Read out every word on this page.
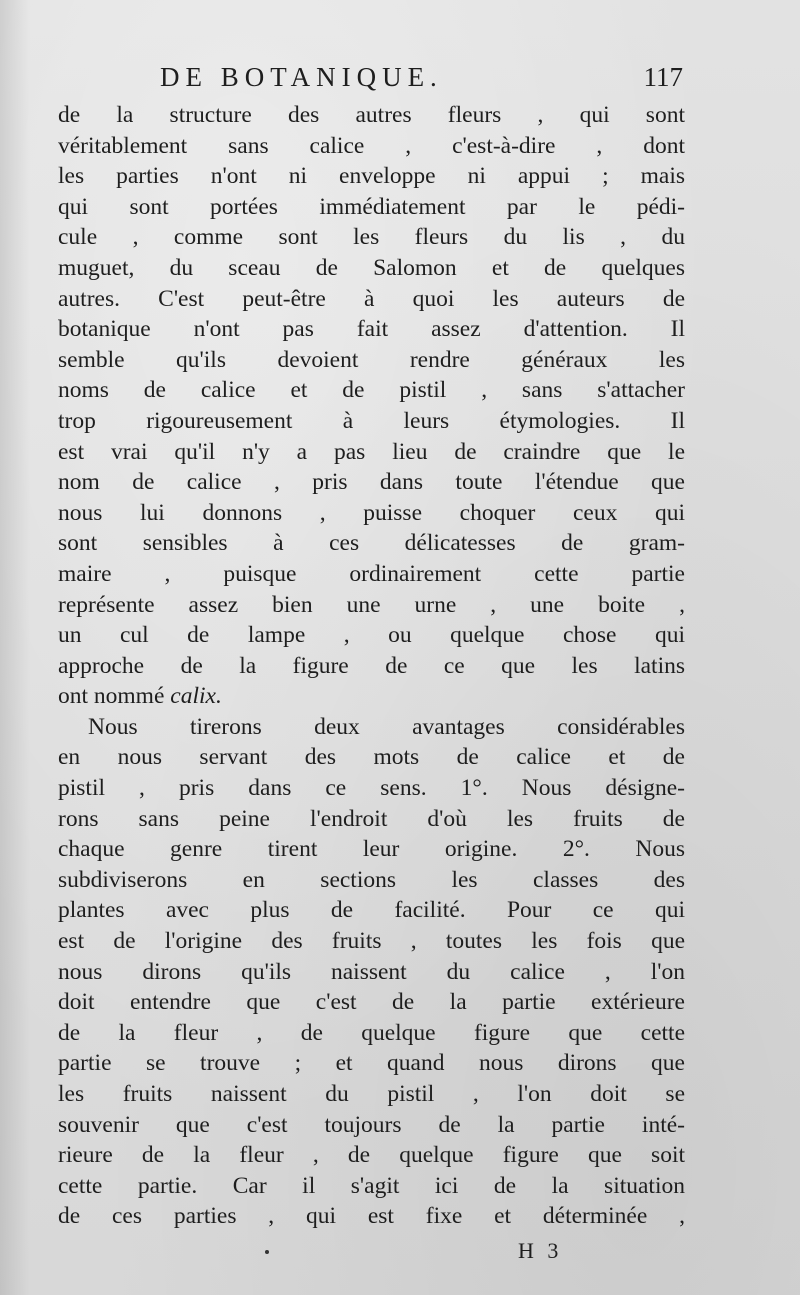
DE BOTANIQUE.	117
de la structure des autres fleurs , qui sont
véritablement sans calice , c'est-à-dire , dont
les parties n'ont ni enveloppe ni appui ; mais
qui sont portées immédiatement par le pédi-
cule , comme sont les fleurs du lis , du
muguet, du sceau de Salomon et de quelques
autres. C'est peut-être à quoi les auteurs de
botanique n'ont pas fait assez d'attention. Il
semble qu'ils devoient rendre généraux les
noms de calice et de pistil , sans s'attacher
trop rigoureusement à leurs étymologies. Il
est vrai qu'il n'y a pas lieu de craindre que le
nom de calice , pris dans toute l'étendue que
nous lui donnons , puisse choquer ceux qui
sont sensibles à ces délicatesses de gram-
maire , puisque ordinairement cette partie
représente assez bien une urne , une boite ,
un cul de lampe , ou quelque chose qui
approche de la figure de ce que les latins
ont nommé calix.
Nous tirerons deux avantages considérables
en nous servant des mots de calice et de
pistil , pris dans ce sens. 1°. Nous désigne-
rons sans peine l'endroit d'où les fruits de
chaque genre tirent leur origine. 2°. Nous
subdiviserons en sections les classes des
plantes avec plus de facilité. Pour ce qui
est de l'origine des fruits , toutes les fois que
nous dirons qu'ils naissent du calice , l'on
doit entendre que c'est de la partie extérieure
de la fleur , de quelque figure que cette
partie se trouve ; et quand nous dirons que
les fruits naissent du pistil , l'on doit se
souvenir que c'est toujours de la partie inté-
rieure de la fleur , de quelque figure que soit
cette partie. Car il s'agit ici de la situation
de ces parties , qui est fixe et déterminée ,
H 3
